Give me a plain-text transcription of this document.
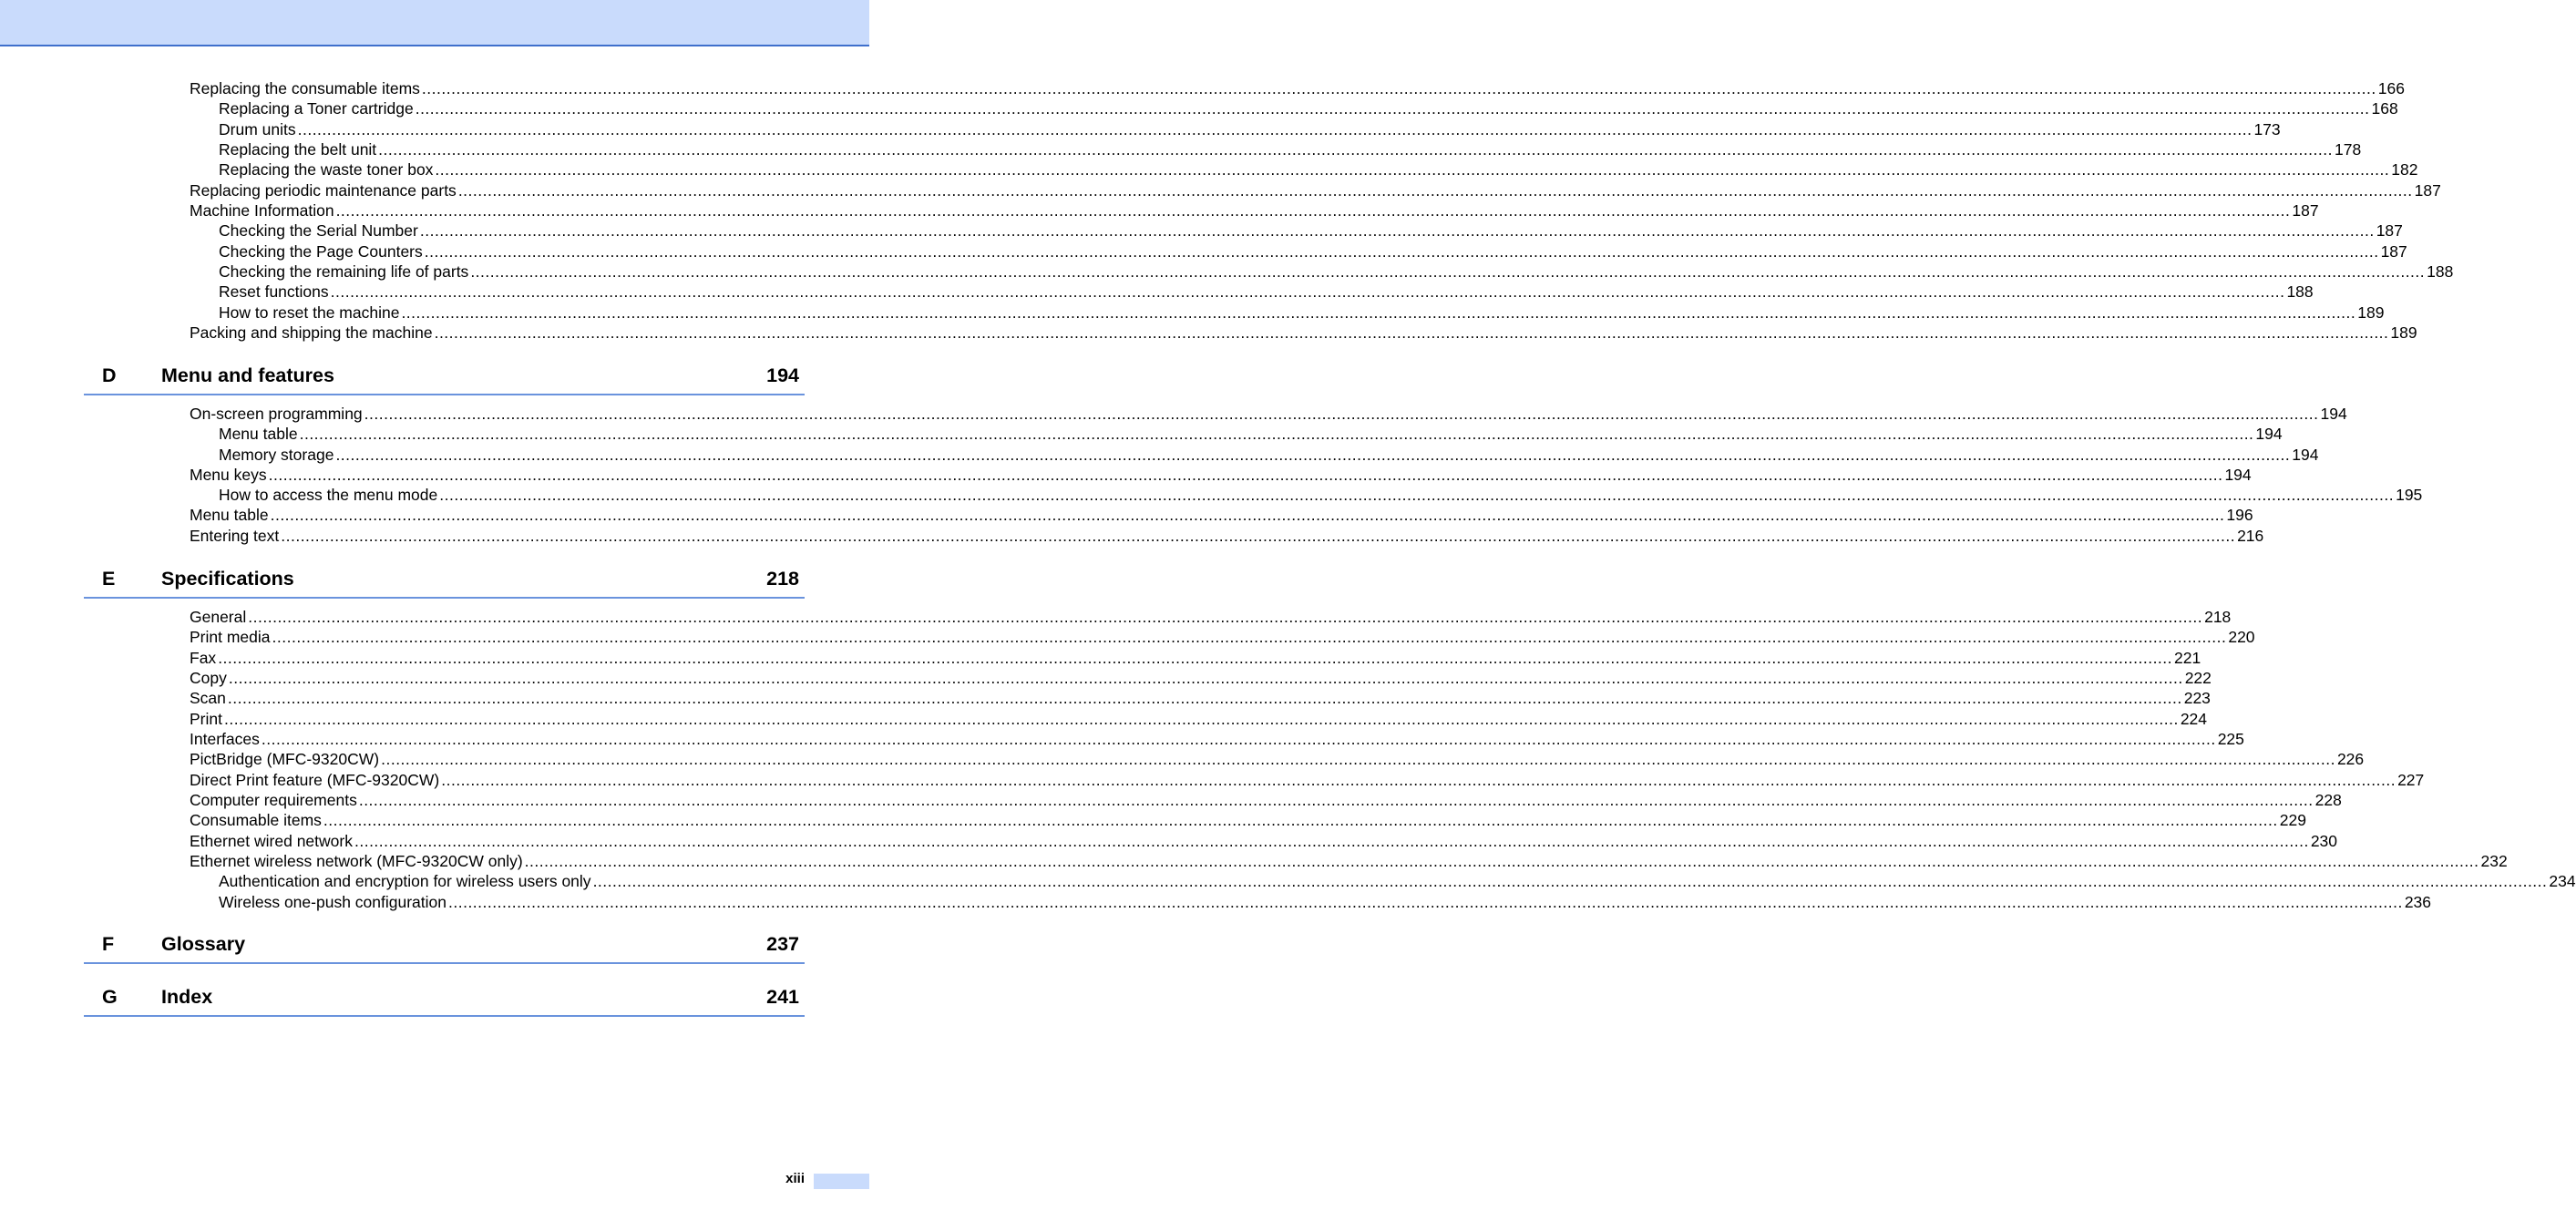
Replacing the consumable items ................................................................................................................................................................................................................................................................................................................................................................................................................ 166
Replacing a Toner cartridge ................................................................................................................................................................................................................................................................................................................................................................................................................ 168
Drum units ................................................................................................................................................................................................................................................................................................................................................................................................................ 173
Replacing the belt unit ................................................................................................................................................................................................................................................................................................................................................................................................................ 178
Replacing the waste toner box ................................................................................................................................................................................................................................................................................................................................................................................................................ 182
Replacing periodic maintenance parts ................................................................................................................................................................................................................................................................................................................................................................................................................ 187
Machine Information ................................................................................................................................................................................................................................................................................................................................................................................................................ 187
Checking the Serial Number ................................................................................................................................................................................................................................................................................................................................................................................................................ 187
Checking the Page Counters ................................................................................................................................................................................................................................................................................................................................................................................................................ 187
Checking the remaining life of parts ................................................................................................................................................................................................................................................................................................................................................................................................................ 188
Reset functions ................................................................................................................................................................................................................................................................................................................................................................................................................ 188
How to reset the machine ................................................................................................................................................................................................................................................................................................................................................................................................................ 189
Packing and shipping the machine ................................................................................................................................................................................................................................................................................................................................................................................................................ 189
D Menu and features	194
On-screen programming ................................................................................................................................................................................................................................................................................................................................................................................................................ 194
Menu table ................................................................................................................................................................................................................................................................................................................................................................................................................ 194
Memory storage ................................................................................................................................................................................................................................................................................................................................................................................................................ 194
Menu keys ................................................................................................................................................................................................................................................................................................................................................................................................................ 194
How to access the menu mode ................................................................................................................................................................................................................................................................................................................................................................................................................ 195
Menu table ................................................................................................................................................................................................................................................................................................................................................................................................................ 196
Entering text ................................................................................................................................................................................................................................................................................................................................................................................................................ 216
E Specifications	218
General ................................................................................................................................................................................................................................................................................................................................................................................................................ 218
Print media ................................................................................................................................................................................................................................................................................................................................................................................................................ 220
Fax ................................................................................................................................................................................................................................................................................................................................................................................................................ 221
Copy ................................................................................................................................................................................................................................................................................................................................................................................................................ 222
Scan ................................................................................................................................................................................................................................................................................................................................................................................................................ 223
Print ................................................................................................................................................................................................................................................................................................................................................................................................................ 224
Interfaces ................................................................................................................................................................................................................................................................................................................................................................................................................ 225
PictBridge (MFC-9320CW) ................................................................................................................................................................................................................................................................................................................................................................................................................ 226
Direct Print feature (MFC-9320CW) ................................................................................................................................................................................................................................................................................................................................................................................................................ 227
Computer requirements ................................................................................................................................................................................................................................................................................................................................................................................................................ 228
Consumable items ................................................................................................................................................................................................................................................................................................................................................................................................................ 229
Ethernet wired network ................................................................................................................................................................................................................................................................................................................................................................................................................ 230
Ethernet wireless network (MFC-9320CW only) ................................................................................................................................................................................................................................................................................................................................................................................................................ 232
Authentication and encryption for wireless users only ................................................................................................................................................................................................................................................................................................................................................................................................................ 234
Wireless one-push configuration ................................................................................................................................................................................................................................................................................................................................................................................................................ 236
F Glossary	237
G Index	241
xiii
